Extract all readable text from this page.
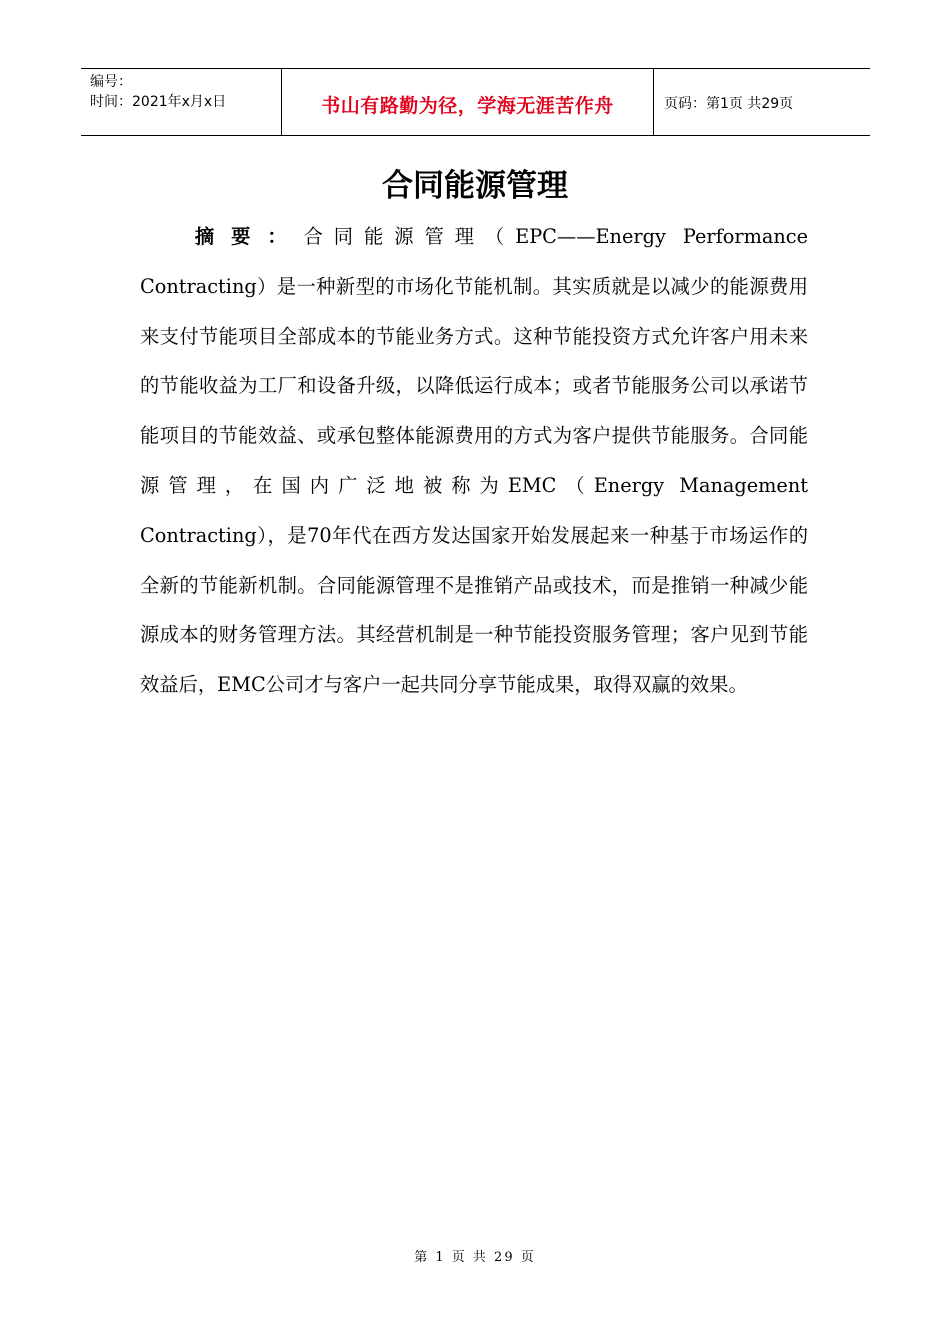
编号：
时间：2021年x月x日	书山有路勤为径，学海无涯苦作舟	页码：第1页 共29页
合同能源管理

摘要：合同能源管理（EPC——Energy Performance Contracting）是一种新型的市场化节能机制。其实质就是以减少的能源费用来支付节能项目全部成本的节能业务方式。这种节能投资方式允许客户用未来的节能收益为工厂和设备升级，以降低运行成本；或者节能服务公司以承诺节能项目的节能效益、或承包整体能源费用的方式为客户提供节能服务。合同能源管理，在国内广泛地被称为EMC（Energy Management Contracting），是70年代在西方发达国家开始发展起来一种基于市场运作的全新的节能新机制。合同能源管理不是推销产品或技术，而是推销一种减少能源成本的财务管理方法。其经营机制是一种节能投资服务管理；客户见到节能效益后，EMC公司才与客户一起共同分享节能成果，取得双赢的效果。

第 1 页 共 29 页
